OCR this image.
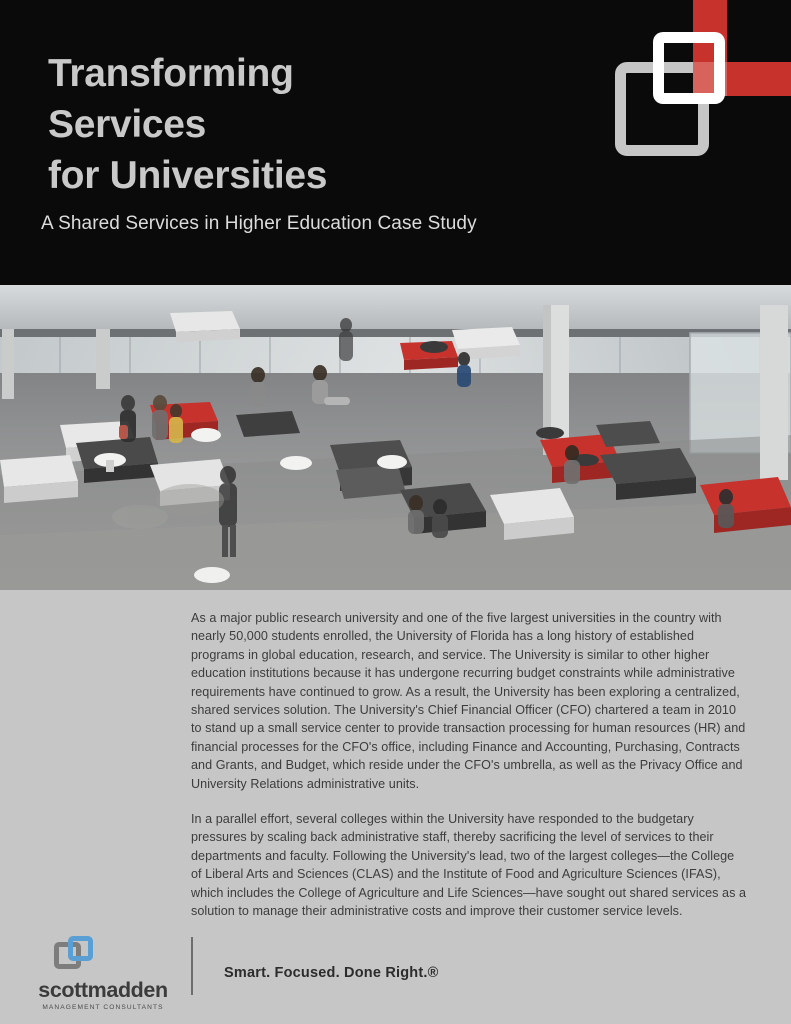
Transforming
Services
for Universities
A Shared Services in Higher Education Case Study

As a major public research university and one of the five largest universities in the country with nearly 50,000 students enrolled, the University of Florida has a long history of established programs in global education, research, and service. The University is similar to other higher education institutions because it has undergone recurring budget constraints while administrative requirements have continued to grow. As a result, the University has been exploring a centralized, shared services solution. The University's Chief Financial Officer (CFO) chartered a team in 2010 to stand up a small service center to provide transaction processing for human resources (HR) and financial processes for the CFO's office, including Finance and Accounting, Purchasing, Contracts and Grants, and Budget, which reside under the CFO's umbrella, as well as the Privacy Office and University Relations administrative units.

In a parallel effort, several colleges within the University have responded to the budgetary pressures by scaling back administrative staff, thereby sacrificing the level of services to their departments and faculty. Following the University's lead, two of the largest colleges—the College of Liberal Arts and Sciences (CLAS) and the Institute of Food and Agriculture Sciences (IFAS), which includes the College of Agriculture and Life Sciences—have sought out shared services as a solution to manage their administrative costs and improve their customer service levels.

Smart. Focused. Done Right.®
scottmadden
MANAGEMENT CONSULTANTS
